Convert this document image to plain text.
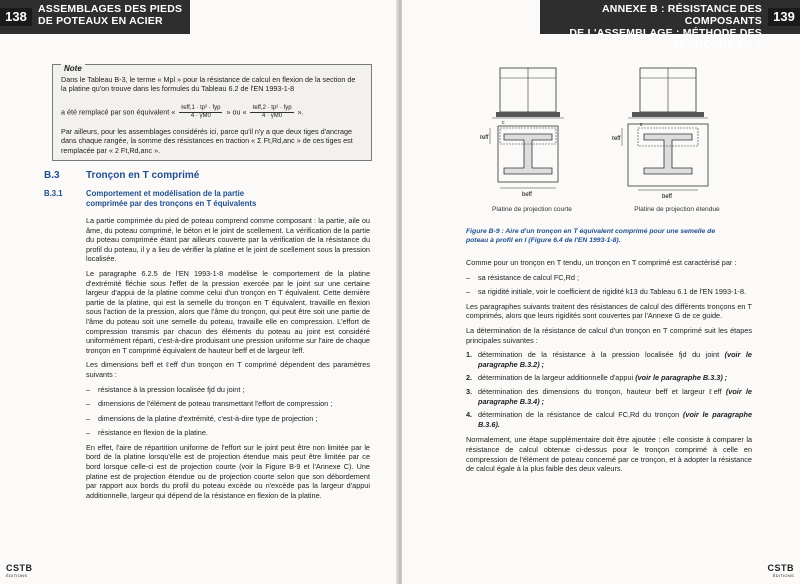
138	ASSEMBLAGES DES PIEDS DE POTEAUX EN ACIER
Note

Dans le Tableau B-3, le terme « Mpl » pour la résistance de calcul en flexion de la section de la platine qu'on trouve dans les formules du Tableau 6.2 de l'EN 1993-1-8

a été remplacé par son équivalent « $\frac{\text{ℓeff,1 · tp² · fyp}}{4 \cdot \gamma M0}$ » ou « $\frac{\text{ℓeff,2 · tp² · fyp}}{4 \cdot \gamma M0}$ ».

Par ailleurs, pour les assemblages considérés ici, parce qu'il n'y a que deux tiges d'ancrage dans chaque rangée, la somme des résistances en traction « Σ Ft,Rd,anc » de ces tiges est remplacée par « 2 Ft,Rd,anc ».

B.3	Tronçon en T comprimé
B.3.1	Comportement et modélisation de la partie comprimée par des tronçons en T équivalents

La partie comprimée du pied de poteau comprend comme composant : la partie, aile ou âme, du poteau comprimé, le béton et le joint de scellement. La vérification de la partie du poteau comprimée étant par ailleurs couverte par la vérification de la résistance du profil du poteau, il y a lieu de vérifier la platine et le joint de scellement sous la pression localisée.

Le paragraphe 6.2.5 de l'EN 1993-1-8 modélise le comportement de la platine d'extrémité fléchie sous l'effet de la pression exercée par le joint sur une certaine largeur d'appui de la platine comme celui d'un tronçon en T équivalent. Cette dernière partie de la platine, qui est la semelle du tronçon en T équivalent, travaille en flexion sous l'action de la pression, alors que l'âme du tronçon, qui peut être soit une partie de l'âme du poteau soit une semelle du poteau, travaille elle en compression. L'effort de compression transmis par chacun des éléments du poteau au joint est considéré uniformément réparti, c'est-à-dire produisant une pression uniforme sur l'aire de chaque tronçon en T comprimé équivalent de hauteur beff et de largeur ℓeff.

Les dimensions beff et ℓeff d'un tronçon en T comprimé dépendent des paramètres suivants :

– résistance à la pression localisée fjd du joint ;
– dimensions de l'élément de poteau transmettant l'effort de compression ;
– dimensions de la platine d'extrémité, c'est-à-dire type de projection ;
– résistance en flexion de la platine.

En effet, l'aire de répartition uniforme de l'effort sur le joint peut être non limitée par le bord de la platine lorsqu'elle est de projection étendue mais peut être limitée par ce bord lorsque celle-ci est de projection courte (voir la Figure B-9 et l'Annexe C). Une platine est de projection étendue ou de projection courte selon que son débordement par rapport aux bords du profil du poteau excède ou n'excède pas la largeur d'appui additionnelle, largeur qui dépend de la résistance en flexion de la platine.

CSTB
ÉDITIONS
ANNEXE B : RÉSISTANCE DES COMPOSANTS
DE L'ASSEMBLAGE : MÉTHODE DES TRONÇONS EN T
139
ℓeff
beff
c
ℓeff
beff
c
Platine de projection courte	Platine de projection étendue
Figure B-9 : Aire d'un tronçon en T équivalent comprimé pour une semelle de poteau à profil en I (Figure 6.4 de l'EN 1993-1-8).

Comme pour un tronçon en T tendu, un tronçon en T comprimé est caractérisé par :

– sa résistance de calcul FC,Rd ;
– sa rigidité initiale, voir le coefficient de rigidité k13 du Tableau 6.1 de l'EN 1993-1-8.

Les paragraphes suivants traitent des résistances de calcul des différents tronçons en T comprimés, alors que leurs rigidités sont couvertes par l'Annexe G de ce guide.

La détermination de la résistance de calcul d'un tronçon en T comprimé suit les étapes principales suivantes :

1. détermination de la résistance à la pression localisée fjd du joint (voir le paragraphe B.3.2) ;
2. détermination de la largeur additionnelle d'appui (voir le paragraphe B.3.3) ;
3. détermination des dimensions du tronçon, hauteur beff et largeur ℓeff (voir le paragraphe B.3.4) ;
4. détermination de la résistance de calcul FC,Rd du tronçon (voir le paragraphe B.3.6).

Normalement, une étape supplémentaire doit être ajoutée : elle consiste à comparer la résistance de calcul obtenue ci-dessus pour le tronçon comprimé à celle en compression de l'élément de poteau concerné par ce tronçon, et à adopter la résistance de calcul égale à la plus faible des deux valeurs.

CSTB
ÉDITIONS
